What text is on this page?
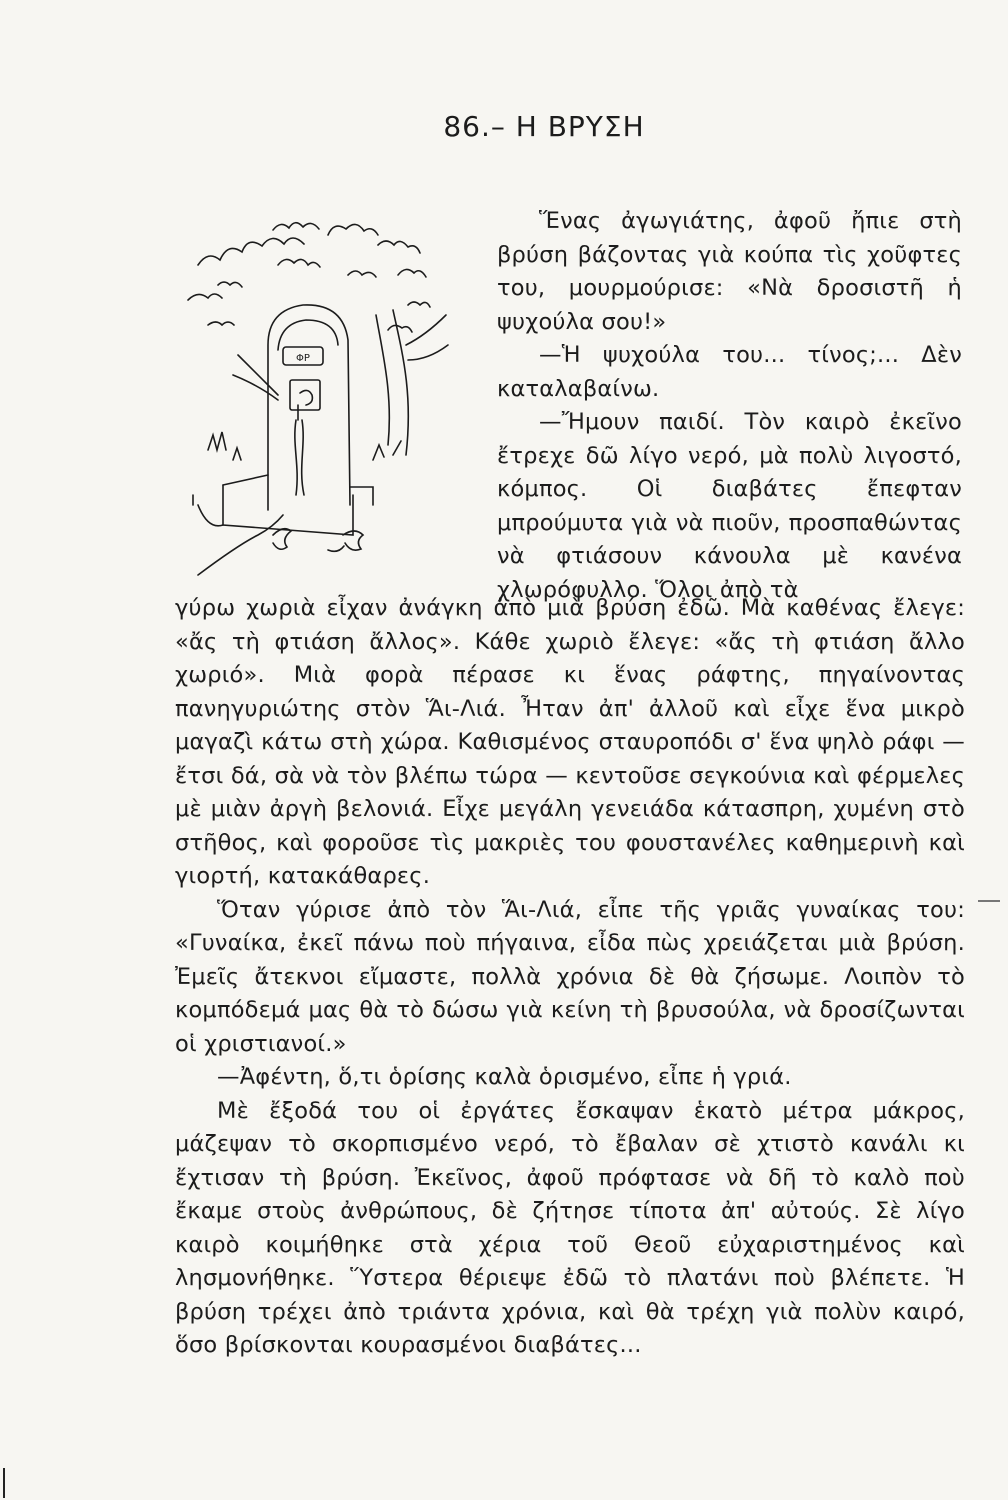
86.– Η ΒΡΥΣΗ
ΦΡ

Ἕνας ἀγωγιάτης, ἀφοῦ ἤπιε στὴ βρύση βάζοντας γιὰ κούπα τὶς χοῦφτες του, μουρμούρισε: «Νὰ δροσιστῆ ἡ ψυχούλα σου!»

—Ἡ ψυχούλα του... τίνος;... Δὲν καταλαβαίνω.

—Ἤμουν παιδί. Τὸν καιρὸ ἐκεῖνο ἔτρεχε δῶ λίγο νερό, μὰ πολὺ λιγοστό, κόμπος. Οἱ διαβάτες ἔπεφταν μπρούμυτα γιὰ νὰ πιοῦν, προσπαθώντας νὰ φτιάσουν κάνουλα μὲ κανένα χλωρόφυλλο. Ὅλοι ἀπὸ τὰ

γύρω χωριὰ εἶχαν ἀνάγκη ἀπὸ μιὰ βρύση ἐδῶ. Μὰ καθένας ἔλεγε: «ἄς τὴ φτιάση ἄλλος». Κάθε χωριὸ ἔλεγε: «ἄς τὴ φτιάση ἄλλο χωριό». Μιὰ φορὰ πέρασε κι ἕνας ράφτης, πηγαίνοντας πανηγυριώτης στὸν Ἅι-Λιά. Ἦταν ἀπ' ἀλλοῦ καὶ εἶχε ἕνα μικρὸ μαγαζὶ κάτω στὴ χώρα. Καθισμένος σταυροπόδι σ' ἕνα ψηλὸ ράφι — ἔτσι δά, σὰ νὰ τὸν βλέπω τώρα — κεντοῦσε σεγκούνια καὶ φέρμελες μὲ μιὰν ἀργὴ βελονιά. Εἶχε μεγάλη γενειάδα κάτασπρη, χυμένη στὸ στῆθος, καὶ φοροῦσε τὶς μακριὲς του φουστανέλες καθημερινὴ καὶ γιορτή, κατακάθαρες.

Ὅταν γύρισε ἀπὸ τὸν Ἅι-Λιά, εἶπε τῆς γριᾶς γυναίκας του: «Γυναίκα, ἐκεῖ πάνω ποὺ πήγαινα, εἶδα πὼς χρειάζεται μιὰ βρύση. Ἐμεῖς ἄτεκνοι εἴμαστε, πολλὰ χρόνια δὲ θὰ ζήσωμε. Λοιπὸν τὸ κομπόδεμά μας θὰ τὸ δώσω γιὰ κείνη τὴ βρυσούλα, νὰ δροσίζωνται οἱ χριστιανοί.»

—Ἀφέντη, ὅ,τι ὁρίσης καλὰ ὁρισμένο, εἶπε ἡ γριά.

Μὲ ἔξοδά του οἱ ἐργάτες ἔσκαψαν ἑκατὸ μέτρα μάκρος, μάζεψαν τὸ σκορπισμένο νερό, τὸ ἔβαλαν σὲ χτιστὸ κανάλι κι ἔχτισαν τὴ βρύση. Ἐκεῖνος, ἀφοῦ πρόφτασε νὰ δῆ τὸ καλὸ ποὺ ἔκαμε στοὺς ἀνθρώπους, δὲ ζήτησε τίποτα ἀπ' αὐτούς. Σὲ λίγο καιρὸ κοιμήθηκε στὰ χέρια τοῦ Θεοῦ εὐχαριστημένος καὶ λησμονήθηκε. Ὕστερα θέριεψε ἐδῶ τὸ πλατάνι ποὺ βλέπετε. Ἡ βρύση τρέχει ἀπὸ τριάντα χρόνια, καὶ θὰ τρέχη γιὰ πολὺν καιρό, ὅσο βρίσκονται κουρασμένοι διαβάτες...
